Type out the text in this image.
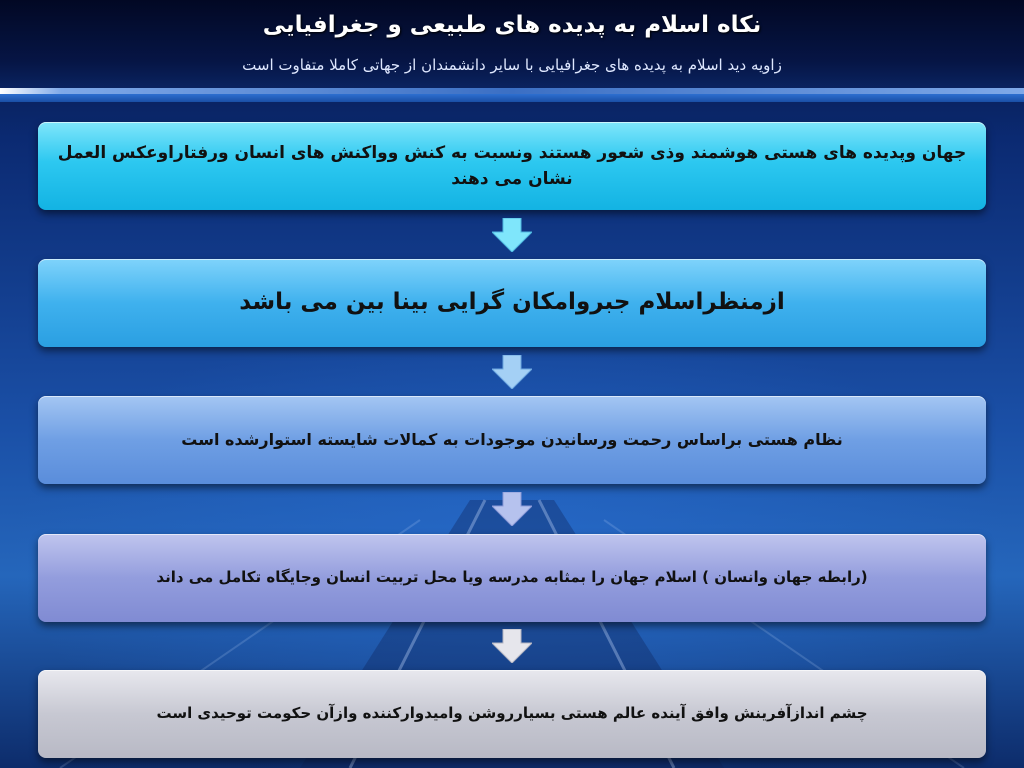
نکاه اسلام به پدیده های طبیعی و جغرافیایی
زاویه دید اسلام به پدیده های جغرافیایی با سایر دانشمندان از جهاتی کاملا متفاوت است
جهان وپدیده های هستی هوشمند وذی شعور هستند ونسبت به کنش وواکنش های انسان ورفتاراوعکس العمل نشان می دهند
ازمنظراسلام جبروامکان گرایی بینا بین می باشد
نظام هستی براساس رحمت ورسانیدن موجودات به کمالات شایسته استوارشده است
(رابطه جهان وانسان ) اسلام جهان را بمثابه مدرسه ویا محل تربیت انسان وجایگاه تکامل می داند
چشم اندازآفرینش وافق آینده عالم هستی بسیارروشن وامیدوارکننده وازآن حکومت توحیدی است
